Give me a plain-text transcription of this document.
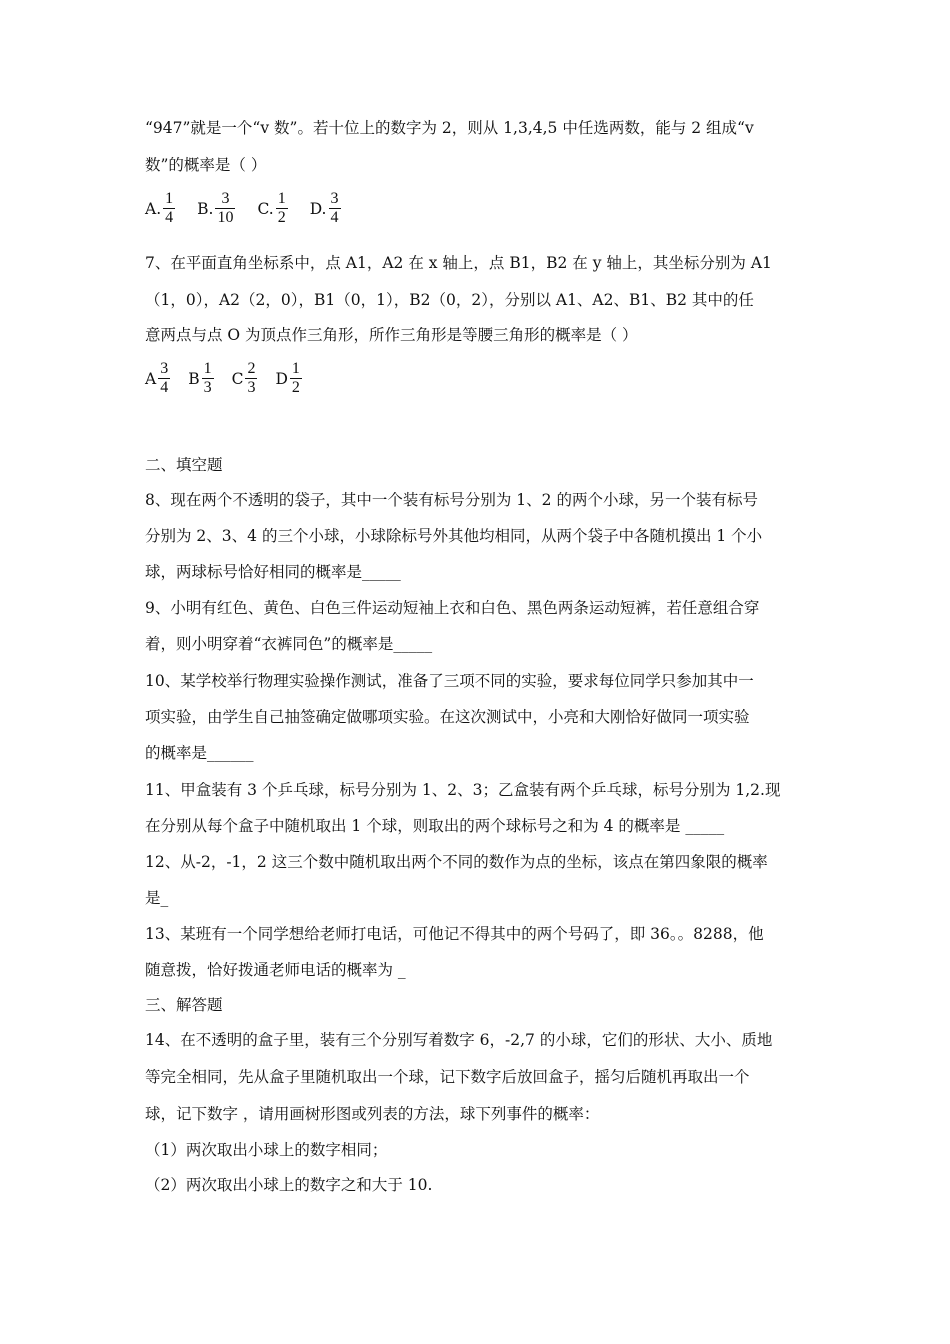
“947”就是一个“v 数”。若十位上的数字为 2，则从 1,3,4,5 中任选两数，能与 2 组成“v
数”的概率是（ ）
A. $\frac{1}{4} B$. $\frac{3}{10} C$. $\frac{1}{2} D$. $\frac{3}{4}$
7、在平面直角坐标系中，点 A1，A2 在 x 轴上，点 B1，B2 在 y 轴上，其坐标分别为 A1
（1，0），A2（2，0），B1（0，1），B2（0，2），分别以 A1、A2、B1、B2 其中的任
意两点与点 O 为顶点作三角形，所作三角形是等腰三角形的概率是（ ）
A $\frac{3}{4}$ B $\frac{1}{3}$ C $\frac{2}{3}$ D $\frac{1}{2}$
二、填空题
8、现在两个不透明的袋子，其中一个装有标号分别为 1、2 的两个小球，另一个装有标号
分别为 2、3、4 的三个小球，小球除标号外其他均相同，从两个袋子中各随机摸出 1 个小
球，两球标号恰好相同的概率是_____
9、小明有红色、黄色、白色三件运动短袖上衣和白色、黑色两条运动短裤，若任意组合穿
着，则小明穿着“衣裤同色”的概率是_____
10、某学校举行物理实验操作测试，准备了三项不同的实验，要求每位同学只参加其中一
项实验，由学生自己抽签确定做哪项实验。在这次测试中，小亮和大刚恰好做同一项实验
的概率是______
11、甲盒装有 3 个乒乓球，标号分别为 1、2、3；乙盒装有两个乒乓球，标号分别为 1,2.现
在分别从每个盒子中随机取出 1 个球，则取出的两个球标号之和为 4 的概率是 _____
12、从-2，-1，2 这三个数中随机取出两个不同的数作为点的坐标，该点在第四象限的概率
是_
13、某班有一个同学想给老师打电话，可他记不得其中的两个号码了，即 36。。8288，他
随意拨，恰好拨通老师电话的概率为 _
三、解答题
14、在不透明的盒子里，装有三个分别写着数字 6，-2,7 的小球，它们的形状、大小、质地
等完全相同，先从盒子里随机取出一个球，记下数字后放回盒子，摇匀后随机再取出一个
球，记下数字 ，请用画树形图或列表的方法，球下列事件的概率：
（1）两次取出小球上的数字相同；
（2）两次取出小球上的数字之和大于 10.
